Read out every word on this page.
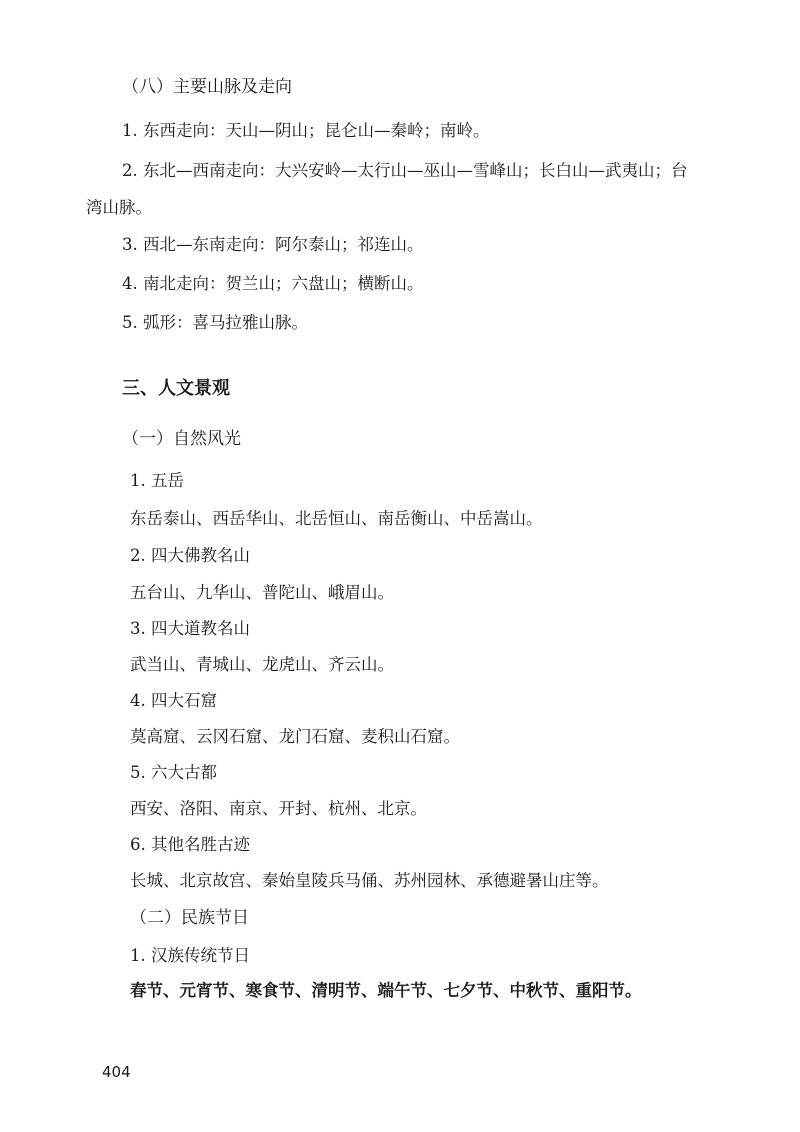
（八）主要山脉及走向
1. 东西走向：天山—阴山；昆仑山—秦岭；南岭。
2. 东北—西南走向：大兴安岭—太行山—巫山—雪峰山；长白山—武夷山；台
湾山脉。
3. 西北—东南走向：阿尔泰山；祁连山。
4. 南北走向：贺兰山；六盘山；横断山。
5. 弧形：喜马拉雅山脉。
三、人文景观
（一）自然风光
1. 五岳
东岳泰山、西岳华山、北岳恒山、南岳衡山、中岳嵩山。
2. 四大佛教名山
五台山、九华山、普陀山、峨眉山。
3. 四大道教名山
武当山、青城山、龙虎山、齐云山。
4. 四大石窟
莫高窟、云冈石窟、龙门石窟、麦积山石窟。
5. 六大古都
西安、洛阳、南京、开封、杭州、北京。
6. 其他名胜古迹
长城、北京故宫、秦始皇陵兵马俑、苏州园林、承德避暑山庄等。
（二）民族节日
1. 汉族传统节日
春节、元宵节、寒食节、清明节、端午节、七夕节、中秋节、重阳节。
404
